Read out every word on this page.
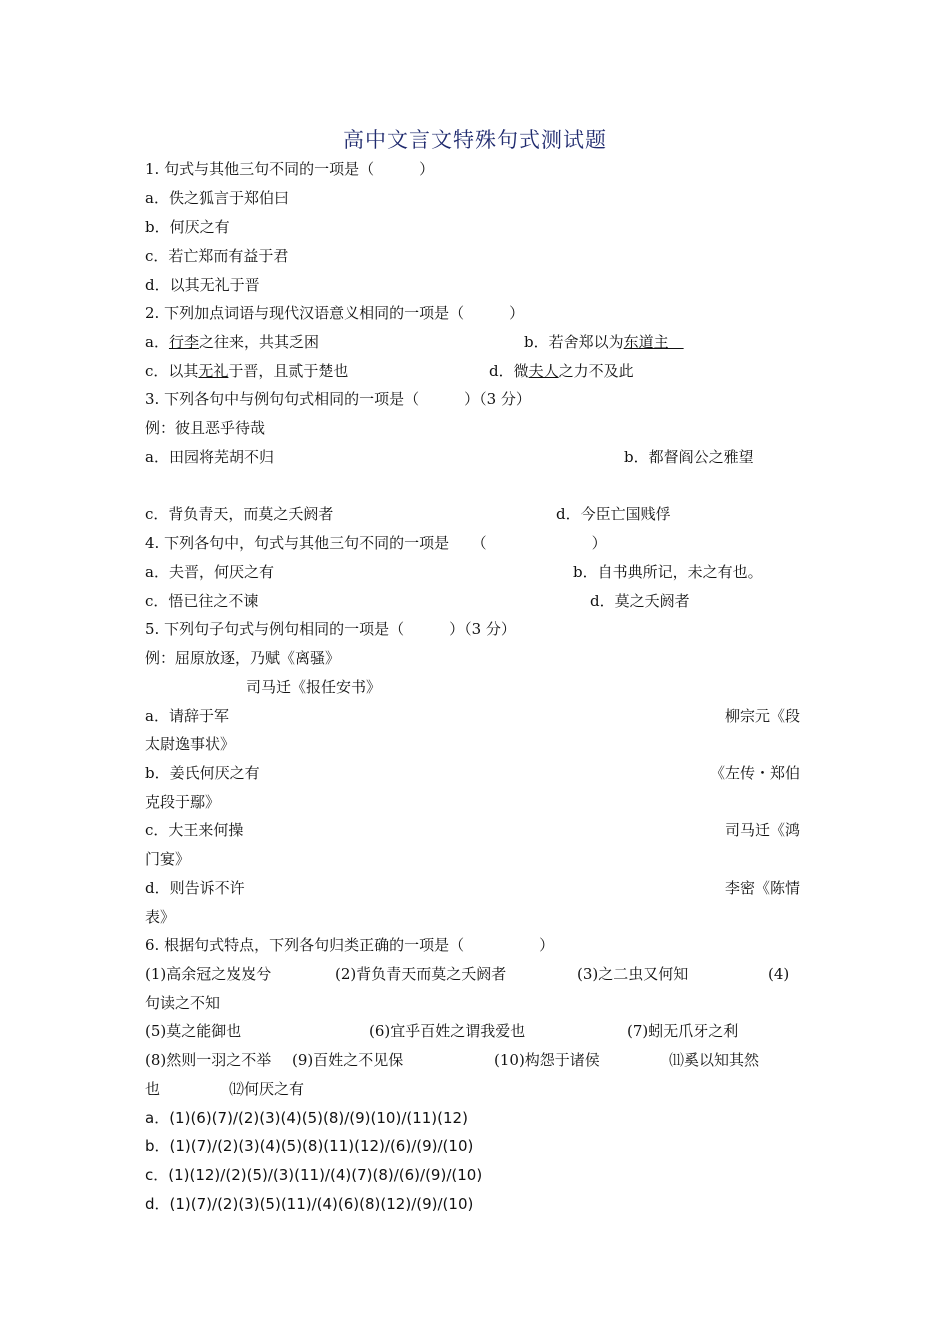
高中文言文特殊句式测试题
1. 句式与其他三句不同的一项是（　　　）
a．佚之狐言于郑伯曰
b．何厌之有
c．若亡郑而有益于君
d．以其无礼于晋
2. 下列加点词语与现代汉语意义相同的一项是（　　　）
a．行李之往来，共其乏困	b．若舍郑以为东道主　
c．以其无礼于晋，且贰于楚也	d．微夫人之力不及此
3. 下列各句中与例句句式相同的一项是（　　　）（3 分）
例：彼且恶乎待哉
a．田园将芜胡不归	b．都督阎公之雅望
c．背负青天，而莫之夭阏者	d．今臣亡国贱俘
4. 下列各句中，句式与其他三句不同的一项是　　（　　　　　　　）
a．夫晋，何厌之有	b．自书典所记，未之有也。
c．悟已往之不谏	d．莫之夭阏者
5. 下列句子句式与例句相同的一项是（　　　）（3 分）
例：屈原放逐，乃赋《离骚》
司马迁《报任安书》
a．请辞于军	柳宗元《段
太尉逸事状》
b．姜氏何厌之有	《左传・郑伯
克段于鄢》
c．大王来何操	司马迁《鸿
门宴》
d．则告诉不许	李密《陈情
表》
6. 根据句式特点，下列各句归类正确的一项是（　　　　　）
(1)高余冠之岌岌兮	(2)背负青天而莫之夭阏者	(3)之二虫又何知	(4)
句读之不知
(5)莫之能御也	(6)宜乎百姓之谓我爱也	(7)蚓无爪牙之利
(8)然则一羽之不举 (9)百姓之不见保	(10)构怨于诸侯	⑾奚以知其然
也	⑿何厌之有
a．(1)(6)(7)/(2)(3)(4)(5)(8)/(9)(10)/(11)(12)
b．(1)(7)/(2)(3)(4)(5)(8)(11)(12)/(6)/(9)/(10)
c．(1)(12)/(2)(5)/(3)(11)/(4)(7)(8)/(6)/(9)/(10)
d．(1)(7)/(2)(3)(5)(11)/(4)(6)(8)(12)/(9)/(10)
